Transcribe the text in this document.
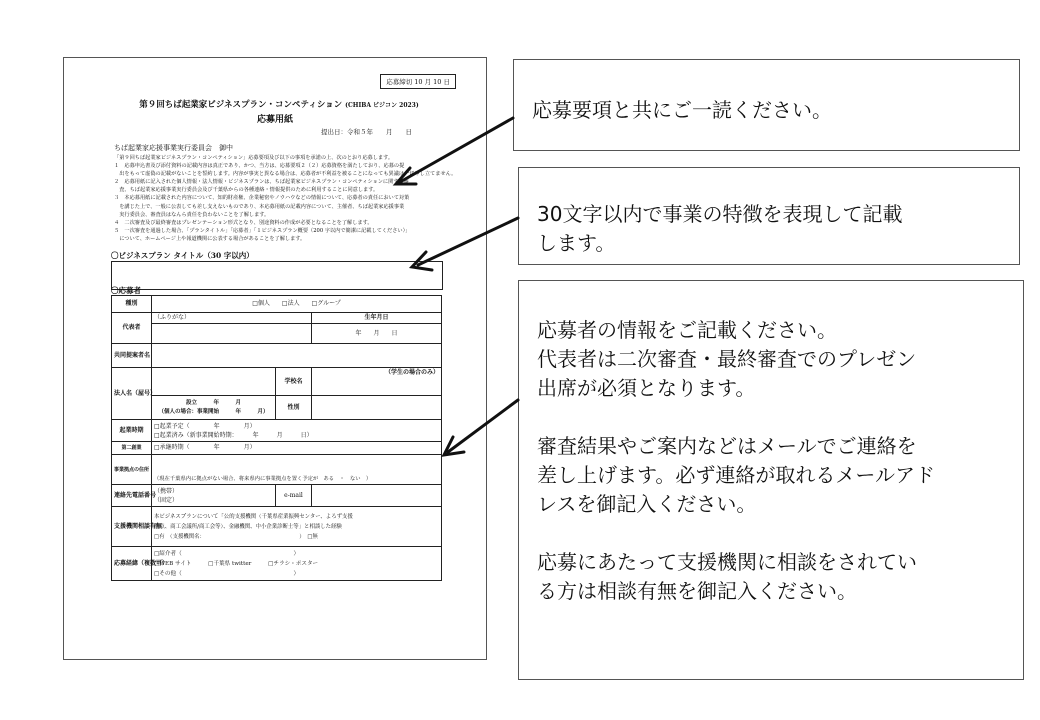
応募締切 10 月 10 日
第９回ちば起業家ビジネスプラン・コンペティション (CHIBA ビジコン 2023)
応募用紙
提出日：令和５年　　月　　日
ちば起業家応援事業実行委員会　御中
「第９回ちば起業家ビジネスプラン・コンペティション」応募要項及び以下の事項を承諾の上、次のとおり応募します。
１　応募申込書及び添付資料の記載内容は真正であり、かつ、当方は、応募要項２（２）応募資格を満たしており、応募の提
　出をもって虚偽の記載がないことを誓約します。内容が事実と異なる場合は、応募者が不利益を被ることになっても異議は一切申し立てません。
２　応募用紙に記入された個人情報・法人情報・ビジネスプランは、ちば起業家ビジネスプラン・コンペティションに関する審
　査、ちば起業家応援事業実行委員会及び千葉県からの各種連絡・情報提供のために利用することに同意します。
３　本応募用紙に記載された内容について、知的財産権、企業秘密やノウハウなどの情報について、応募者の責任において対策
　を講じた上で、一般に公表しても差し支えないものであり、本応募用紙の記載内容について、主催者、ちば起業家応援事業
　実行委員会、審査員はなんら責任を負わないことを了解します。
４　二次審査及び最終審査はプレゼンテーション形式となり、別途資料の作成が必要となることを了解します。
５　一次審査を通過した場合、「プランタイトル」「応募者」「１ビジネスプラン概要（200 字以内で簡潔に記載してください）」
　について、ホームページ上や報道機関に公表する場合があることを了解します。
〇ビジネスプラン タイトル（30 字以内）
〇応募者
種別	□個人　　□法人　　□グループ		
代表者	（ふりがな）		生年月日
			年　　月　　日
共同提案者名			
法人名（屋号）		学校名	（学生の場合のみ）

	設立　　　年　　　月
（個人の場合：事業開始　　　年　　　月）	性別	
起業時期	□起業予定（　　　　年　　　　月）
□起業済み（新事業開始時期：　　　年　　　月　　　日）		

第二創業	□承継時期（　　　　年　　　　月）		
事業拠点の住所	（現在千葉県内に拠点がない場合、将来県内に事業拠点を置く予定が　ある　・　ない　）		
連絡先電話番号	（携帯）
（固定）	e-mail	
支援機関相談有無	本ビジネスプランについて「公的支援機関（千葉県産業振興センター、よろず支援
拠点、商工会議所/商工会等）、金融機関、中小企業診断士等」と相談した経験
□有　（支援機関名：　　　　　　　　　　　　　　　　　　）　□無		

応募経緯（複数可）	□紹介者（　　　　　　　　　　　　　　　　　　　　）
□WEB サイト　　　□千葉県 twitter　　　□チラシ・ポスター
□その他（　　　　　　　　　　　　　　　　　　　　）		
応募要項と共にご一読ください。
30文字以内で事業の特徴を表現して記載
します。
応募者の情報をご記載ください。
代表者は二次審査・最終審査でのプレゼン
出席が必須となります。

審査結果やご案内などはメールでご連絡を
差し上げます。必ず連絡が取れるメールアド
レスを御記入ください。

応募にあたって支援機関に相談をされてい
る方は相談有無を御記入ください。
